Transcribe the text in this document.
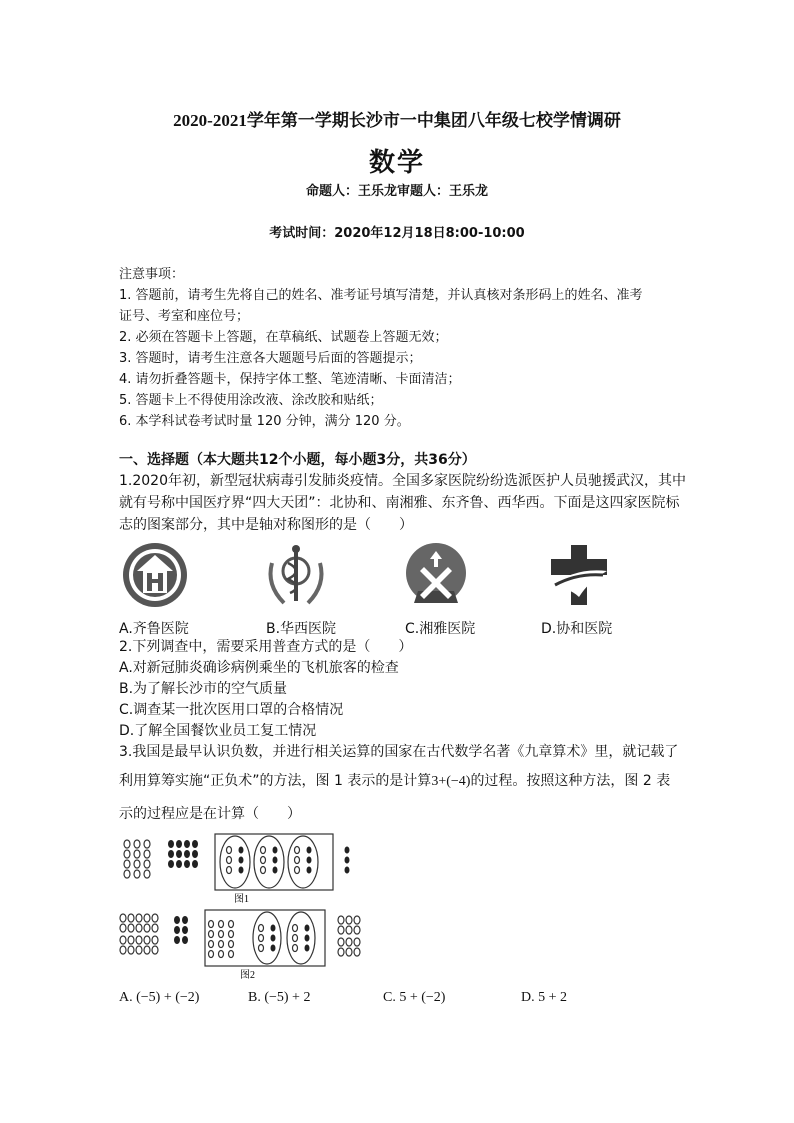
2020-2021学年第一学期长沙市一中集团八年级七校学情调研
数学
命题人：王乐龙审题人：王乐龙
考试时间：2020年12月18日8:00-10:00
注意事项：
1. 答题前，请考生先将自己的姓名、准考证号填写清楚，并认真核对条形码上的姓名、准考
证号、考室和座位号；
2. 必须在答题卡上答题，在草稿纸、试题卷上答题无效；
3. 答题时，请考生注意各大题题号后面的答题提示；
4. 请勿折叠答题卡，保持字体工整、笔迹清晰、卡面清洁；
5. 答题卡上不得使用涂改液、涂改胶和贴纸；
6. 本学科试卷考试时量 120 分钟，满分 120 分。
一、选择题（本大题共12个小题，每小题3分，共36分）
1.2020年初，新型冠状病毒引发肺炎疫情。全国多家医院纷纷选派医护人员驰援武汉，其中
就有号称中国医疗界“四大天团”：北协和、南湘雅、东齐鲁、西华西。下面是这四家医院标
志的图案部分，其中是轴对称图形的是（　　）
A.齐鲁医院	B.华西医院	C.湘雅医院	D.协和医院
2.下列调查中，需要采用普查方式的是（　　）
A.对新冠肺炎确诊病例乘坐的飞机旅客的检查
B.为了解长沙市的空气质量
C.调查某一批次医用口罩的合格情况
D.了解全国餐饮业员工复工情况
3.我国是最早认识负数，并进行相关运算的国家在古代数学名著《九章算术》里，就记载了
利用算筹实施“正负术”的方法，图 1 表示的是计算3+(−4)的过程。按照这种方法，图 2 表
示的过程应是在计算（　　）
图1
图2
A. (−5) + (−2)	B. (−5) + 2	C. 5 + (−2)	D. 5 + 2
